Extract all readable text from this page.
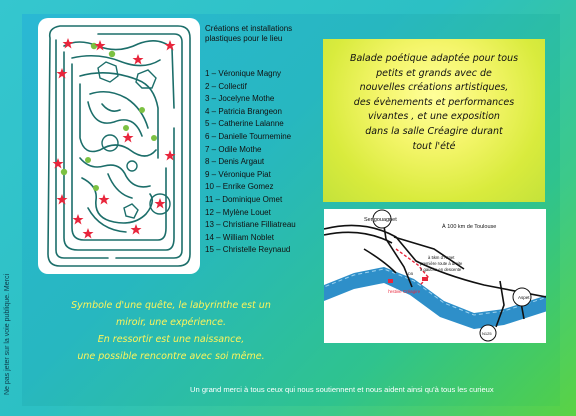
Ne pas jeter sur la voie publique. Merci
Créations et installations
plastiques pour le lieu
1 – Véronique Magny
2 – Collectif
3 – Jocelyne Mothe
4 – Patricia Brangeon
5 – Catherine Lalanne
6 – Danielle Tournemine
7 – Odile Mothe
8 – Denis Argaut
9 – Véronique Piat
10 – Enrike Gomez
11 – Dominique Omet
12 – Mylène Louet
13 – Christiane Filliatreau
14 – William Noblet
15 – Christelle Reynaud
Balade poétique adaptée pour tous
petits et grands avec de
nouvelles créations artistiques,
des évènements et performances
vivantes , et une exposition
dans la salle Créagire durant
tout l'été
Sengouagnet
À 100 km de Toulouse
à 5km d'Aspet
première route à droite
à gauche en descente
l'estive Créagire
Aspet
D5
N125
Symbole d'une quête, le labyrinthe est un
miroir, une expérience.
En ressortir est une naissance,
une possible rencontre avec soi même.
Un grand merci à tous ceux qui nous soutiennent et nous aident ainsi qu'à tous les curieux
